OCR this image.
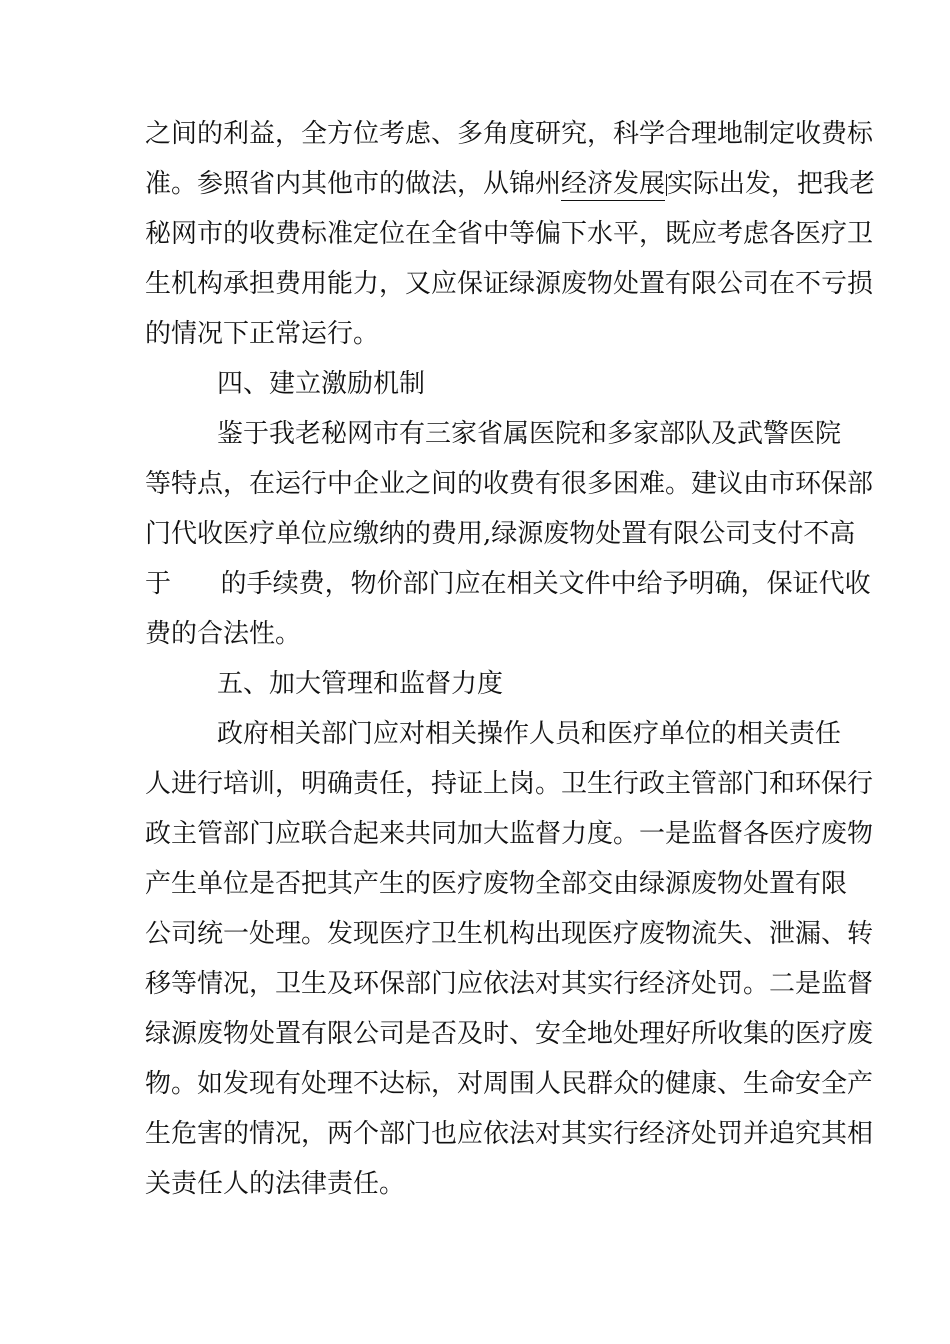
之间的利益，全方位考虑、多角度研究，科学合理地制定收费标
准。参照省内其他市的做法，从锦州经济发展实际出发，把我老
秘网市的收费标准定位在全省中等偏下水平，既应考虑各医疗卫
生机构承担费用能力，又应保证绿源废物处置有限公司在不亏损
的情况下正常运行。
四、建立激励机制
鉴于我老秘网市有三家省属医院和多家部队及武警医院
等特点，在运行中企业之间的收费有很多困难。建议由市环保部
门代收医疗单位应缴纳的费用,绿源废物处置有限公司支付不高
于      的手续费，物价部门应在相关文件中给予明确，保证代收
费的合法性。
五、加大管理和监督力度
政府相关部门应对相关操作人员和医疗单位的相关责任
人进行培训，明确责任，持证上岗。卫生行政主管部门和环保行
政主管部门应联合起来共同加大监督力度。一是监督各医疗废物
产生单位是否把其产生的医疗废物全部交由绿源废物处置有限
公司统一处理。发现医疗卫生机构出现医疗废物流失、泄漏、转
移等情况，卫生及环保部门应依法对其实行经济处罚。二是监督
绿源废物处置有限公司是否及时、安全地处理好所收集的医疗废
物。如发现有处理不达标，对周围人民群众的健康、生命安全产
生危害的情况，两个部门也应依法对其实行经济处罚并追究其相
关责任人的法律责任。
